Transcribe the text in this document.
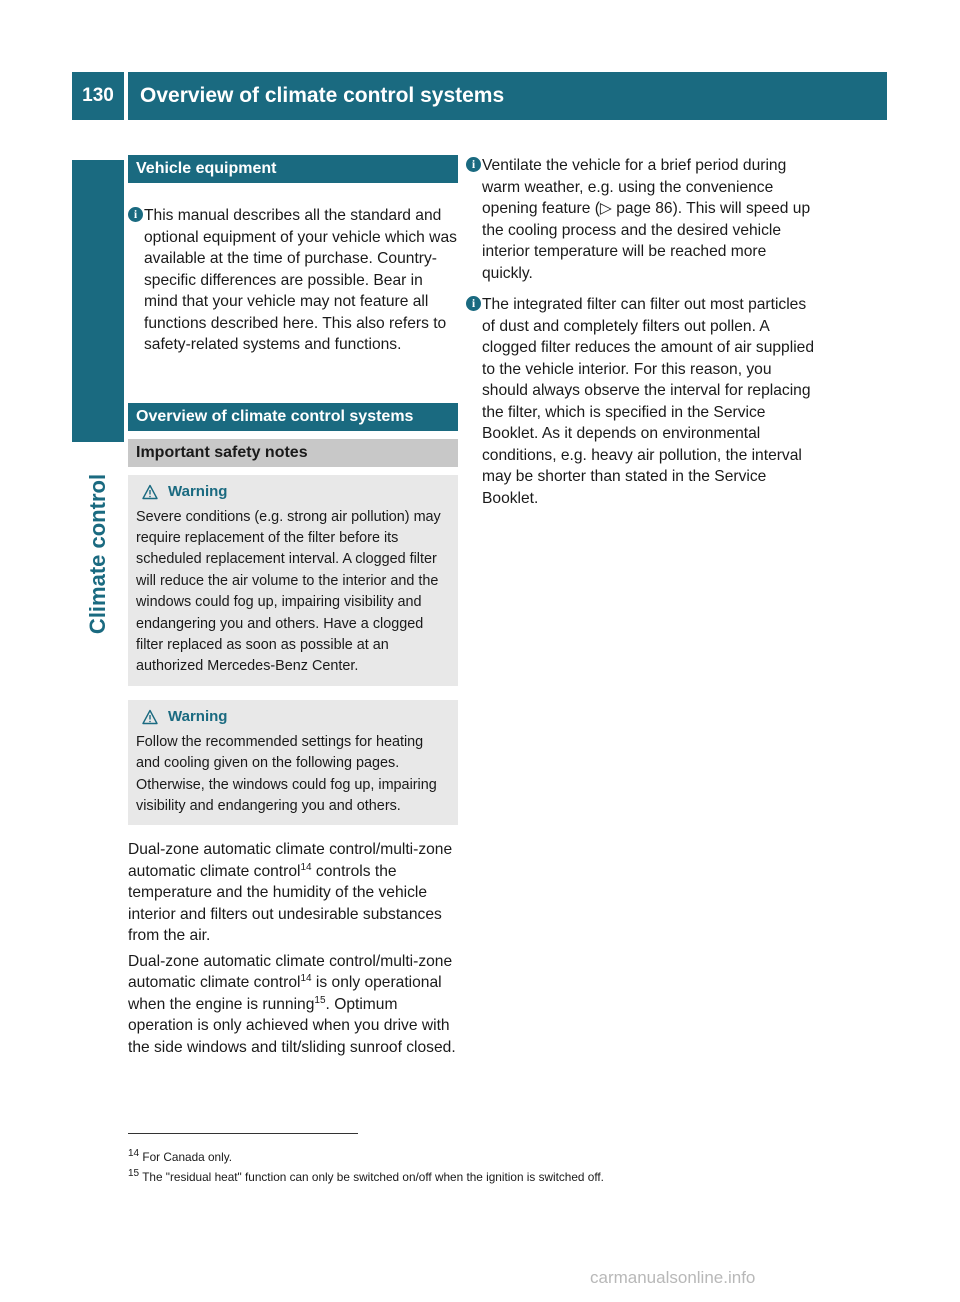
130	Overview of climate control systems
Climate control
Vehicle equipment
i This manual describes all the standard and optional equipment of your vehicle which was available at the time of purchase. Country-specific differences are possible. Bear in mind that your vehicle may not feature all functions described here. This also refers to safety-related systems and functions.
Overview of climate control systems
Important safety notes
Warning

Severe conditions (e.g. strong air pollution) may require replacement of the filter before its scheduled replacement interval. A clogged filter will reduce the air volume to the interior and the windows could fog up, impairing visibility and endangering you and others. Have a clogged filter replaced as soon as possible at an authorized Mercedes-Benz Center.

Warning

Follow the recommended settings for heating and cooling given on the following pages. Otherwise, the windows could fog up, impairing visibility and endangering you and others.

Dual-zone automatic climate control/multi-zone automatic climate control$^{14}$ controls the temperature and the humidity of the vehicle interior and filters out undesirable substances from the air.

Dual-zone automatic climate control/multi-zone automatic climate control$^{14}$ is only operational when the engine is running$^{15}$. Optimum operation is only achieved when you drive with the side windows and tilt/sliding sunroof closed.

i Ventilate the vehicle for a brief period during warm weather, e.g. using the convenience opening feature (▷ page 86). This will speed up the cooling process and the desired vehicle interior temperature will be reached more quickly.
i The integrated filter can filter out most particles of dust and completely filters out pollen. A clogged filter reduces the amount of air supplied to the vehicle interior. For this reason, you should always observe the interval for replacing the filter, which is specified in the Service Booklet. As it depends on environmental conditions, e.g. heavy air pollution, the interval may be shorter than stated in the Service Booklet.
$^{14}$ For Canada only.
$^{15}$ The "residual heat" function can only be switched on/off when the ignition is switched off.
carmanualsonline.info
